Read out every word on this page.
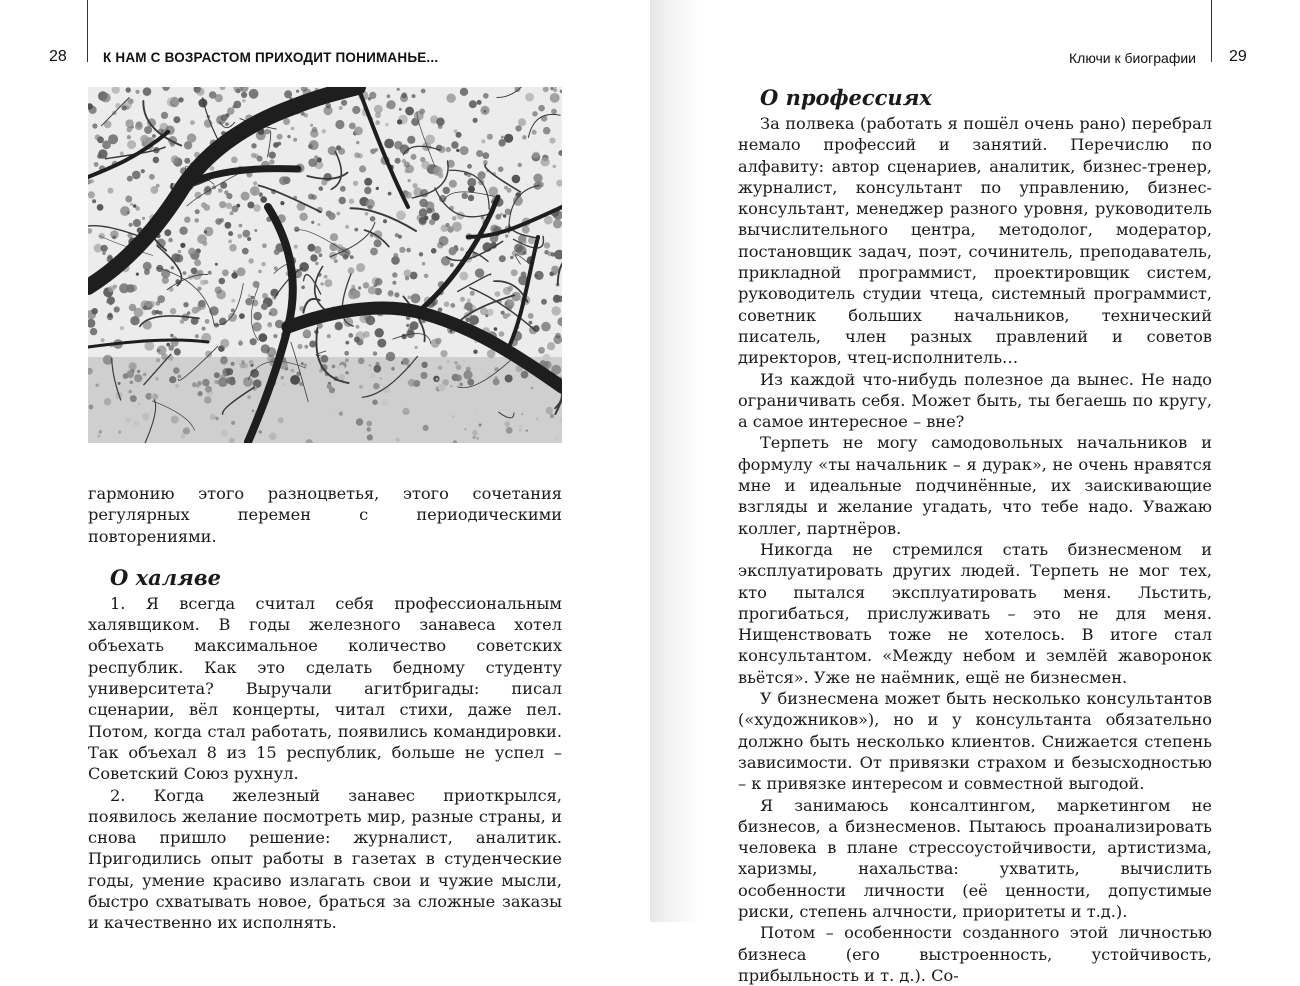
28	К НАМ С ВОЗРАСТОМ ПРИХОДИТ ПОНИМАНЬЕ...

гармонию этого разноцветья, этого сочетания регулярных перемен с периодическими повторениями.

О халяве

1. Я всегда считал себя профессиональным халявщиком. В годы железного занавеса хотел объехать максимальное количество советских республик. Как это сделать бедному студенту университета? Выручали агитбригады: писал сценарии, вёл концерты, читал стихи, даже пел. Потом, когда стал работать, появились командировки. Так объехал 8 из 15 республик, больше не успел – Советский Союз рухнул.

2. Когда железный занавес приоткрылся, появилось желание посмотреть мир, разные страны, и снова пришло решение: журналист, аналитик. Пригодились опыт работы в газетах в студенческие годы, умение красиво излагать свои и чужие мысли, быстро схватывать новое, браться за сложные заказы и качественно их исполнять.

Ключи к биографии 29
О профессиях

За полвека (работать я пошёл очень рано) перебрал немало профессий и занятий. Перечислю по алфавиту: автор сценариев, аналитик, бизнес-тренер, журналист, консультант по управлению, бизнес-консультант, менеджер разного уровня, руководитель вычислительного центра, методолог, модератор, постановщик задач, поэт, сочинитель, преподаватель, прикладной программист, проектировщик систем, руководитель студии чтеца, системный программист, советник больших начальников, технический писатель, член разных правлений и советов директоров, чтец-исполнитель…

Из каждой что-нибудь полезное да вынес. Не надо ограничивать себя. Может быть, ты бегаешь по кругу, а самое интересное – вне?

Терпеть не могу самодовольных начальников и формулу «ты начальник – я дурак», не очень нравятся мне и идеальные подчинённые, их заискивающие взгляды и желание угадать, что тебе надо. Уважаю коллег, партнёров.

Никогда не стремился стать бизнесменом и эксплуатировать других людей. Терпеть не мог тех, кто пытался эксплуатировать меня. Льстить, прогибаться, прислуживать – это не для меня. Нищенствовать тоже не хотелось. В итоге стал консультантом. «Между небом и землёй жаворонок вьётся». Уже не наёмник, ещё не бизнесмен.

У бизнесмена может быть несколько консультантов («художников»), но и у консультанта обязательно должно быть несколько клиентов. Снижается степень зависимости. От привязки страхом и безысходностью – к привязке интересом и совместной выгодой.

Я занимаюсь консалтингом, маркетингом не бизнесов, а бизнесменов. Пытаюсь проанализировать человека в плане стрессоустойчивости, артистизма, харизмы, нахальства: ухватить, вычислить особенности личности (её ценности, допустимые риски, степень алчности, приоритеты и т.д.).

Потом – особенности созданного этой личностью бизнеса (его выстроенность, устойчивость, прибыльность и т. д.). Со-
